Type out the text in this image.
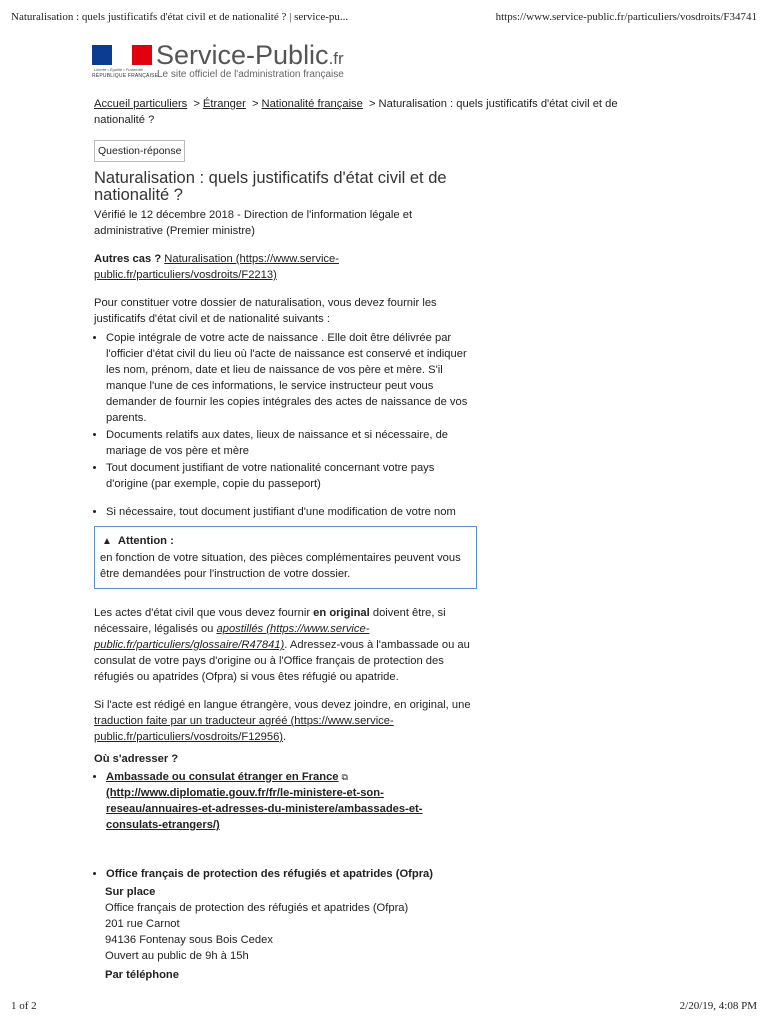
Naturalisation : quels justificatifs d'état civil et de nationalité ? | service-pu...	https://www.service-public.fr/particuliers/vosdroits/F34741
Liberté • Égalité • Fraternité
RÉPUBLIQUE FRANÇAISE
Service-Public.fr
Le site officiel de l'administration française
Accueil particuliers > Étranger > Nationalité française > Naturalisation : quels justificatifs d'état civil et de nationalité ?
Question-réponse
Naturalisation : quels justificatifs d'état civil et de nationalité ?

Vérifié le 12 décembre 2018 - Direction de l'information légale et administrative (Premier ministre)

Autres cas ? Naturalisation (https://www.service-public.fr/particuliers/vosdroits/F2213)

Pour constituer votre dossier de naturalisation, vous devez fournir les justificatifs d'état civil et de nationalité suivants :

• Copie intégrale de votre acte de naissance . Elle doit être délivrée par l'officier d'état civil du lieu où l'acte de naissance est conservé et indiquer les nom, prénom, date et lieu de naissance de vos père et mère. S'il manque l'une de ces informations, le service instructeur peut vous demander de fournir les copies intégrales des actes de naissance de vos parents.
• Documents relatifs aux dates, lieux de naissance et si nécessaire, de mariage de vos père et mère
• Tout document justifiant de votre nationalité concernant votre pays d'origine (par exemple, copie du passeport)
• Si nécessaire, tout document justifiant d'une modification de votre nom
▲ Attention :
en fonction de votre situation, des pièces complémentaires peuvent vous être demandées pour l'instruction de votre dossier.

Les actes d'état civil que vous devez fournir en original doivent être, si nécessaire, légalisés ou apostillés (https://www.service-public.fr/particuliers/glossaire/R47841). Adressez-vous à l'ambassade ou au consulat de votre pays d'origine ou à l'Office français de protection des réfugiés ou apatrides (Ofpra) si vous êtes réfugié ou apatride.

Si l'acte est rédigé en langue étrangère, vous devez joindre, en original, une traduction faite par un traducteur agréé (https://www.service-public.fr/particuliers/vosdroits/F12956).

Où s'adresser ?
• Ambassade ou consulat étranger en France ⧉
(http://www.diplomatie.gouv.fr/fr/le-ministere-et-son-reseau/annuaires-et-adresses-du-ministere/ambassades-et-consulats-etrangers/)
• Office français de protection des réfugiés et apatrides (Ofpra)
Sur place
Office français de protection des réfugiés et apatrides (Ofpra)
201 rue Carnot
94136 Fontenay sous Bois Cedex
Ouvert au public de 9h à 15h
Par téléphone
1 of 2	2/20/19, 4:08 PM
